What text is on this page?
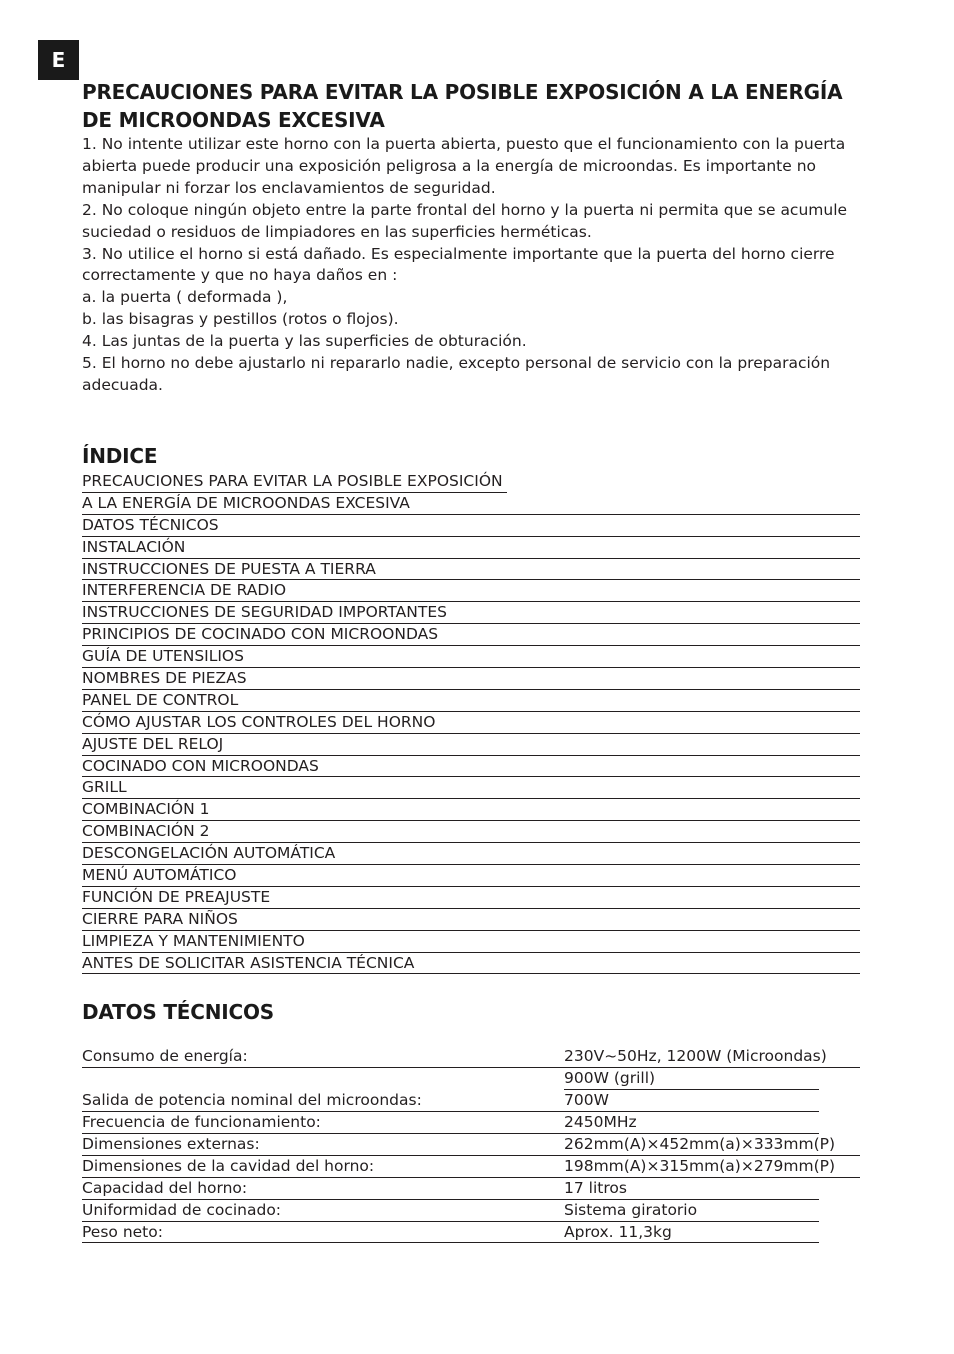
E
PRECAUCIONES PARA EVITAR LA POSIBLE EXPOSICIÓN A LA ENERGÍA DE MICROONDAS EXCESIVA

1. No intente utilizar este horno con la puerta abierta, puesto que el funcionamiento con la puerta abierta puede producir una exposición peligrosa a la energía de microondas. Es importante no manipular ni forzar los enclavamientos de seguridad.

2. No coloque ningún objeto entre la parte frontal del horno y la puerta ni permita que se acumule suciedad o residuos de limpiadores en las superficies herméticas.

3. No utilice el horno si está dañado. Es especialmente importante que la puerta del horno cierre correctamente y que no haya daños en :

a. la puerta ( deformada ),

b. las bisagras y pestillos (rotos o flojos).

4. Las juntas de la puerta y las superficies de obturación.

5. El horno no debe ajustarlo ni repararlo nadie, excepto personal de servicio con la preparación adecuada.

ÍNDICE
PRECAUCIONES PARA EVITAR LA POSIBLE EXPOSICIÓN
A LA ENERGÍA DE MICROONDAS EXCESIVA
DATOS TÉCNICOS
INSTALACIÓN
INSTRUCCIONES DE PUESTA A TIERRA
INTERFERENCIA DE RADIO
INSTRUCCIONES DE SEGURIDAD IMPORTANTES
PRINCIPIOS DE COCINADO CON MICROONDAS
GUÍA DE UTENSILIOS
NOMBRES DE PIEZAS
PANEL DE CONTROL
CÓMO AJUSTAR LOS CONTROLES DEL HORNO
AJUSTE DEL RELOJ
COCINADO CON MICROONDAS
GRILL
COMBINACIÓN 1
COMBINACIÓN 2
DESCONGELACIÓN AUTOMÁTICA
MENÚ AUTOMÁTICO
FUNCIÓN DE PREAJUSTE
CIERRE PARA NIÑOS
LIMPIEZA Y MANTENIMIENTO
ANTES DE SOLICITAR ASISTENCIA TÉCNICA
DATOS TÉCNICOS
Consumo de energía:	230V~50Hz, 1200W (Microondas)
900W (grill)
Salida de potencia nominal del microondas:	700W
Frecuencia de funcionamiento:	2450MHz
Dimensiones externas:	262mm(A)×452mm(a)×333mm(P)
Dimensiones de la cavidad del horno:	198mm(A)×315mm(a)×279mm(P)
Capacidad del horno:	17 litros
Uniformidad de cocinado:	Sistema giratorio
Peso neto:	Aprox. 11,3kg
